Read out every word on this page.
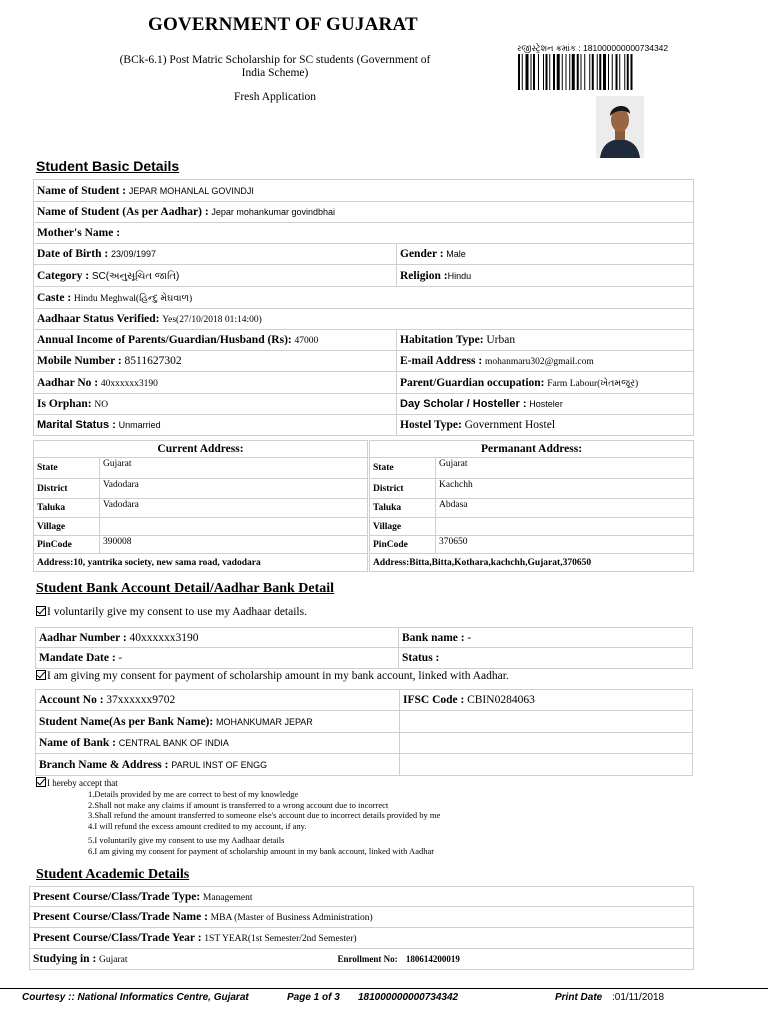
GOVERNMENT OF GUJARAT
(BCk-6.1) Post Matric Scholarship for SC students (Government of
India Scheme)
Fresh Application
રજીસ્ટ્રેશન ક્રમાંક : 181000000000734342
Student Basic Details
Name of Student : JEPAR MOHANLAL GOVINDJI	
Name of Student (As per Aadhar) : Jepar mohankumar govindbhai	
Mother's Name :	
Date of Birth : 23/09/1997	Gender : Male
Category : SC(અનુસૂચિત જાતિ)	Religion :Hindu
Caste : Hindu Meghwal(હિન્દુ મેઘવાળ)	
Aadhaar Status Verified: Yes(27/10/2018 01:14:00)	
Annual Income of Parents/Guardian/Husband (Rs): 47000	Habitation Type: Urban
Mobile Number : 8511627302	E-mail Address : mohanmaru302@gmail.com
Aadhar No : 40xxxxxx3190	Parent/Guardian occupation: Farm Labour(ખેતમજૂર)
Is Orphan: NO	Day Scholar / Hosteller : Hosteler
Marital Status : Unmarried	Hostel Type: Government Hostel
Current Address:	
State	Gujarat
District	Vadodara
Taluka	Vadodara
Village	
PinCode	390008
Address:10, yantrika society, new sama road, vadodara	
Permanant Address:	
State	Gujarat
District	Kachchh
Taluka	Abdasa
Village	
PinCode	370650
Address:Bitta,Bitta,Kothara,kachchh,Gujarat,370650	
Student Bank Account Detail/Aadhar Bank Detail
I voluntarily give my consent to use my Aadhaar details.
Aadhar Number : 40xxxxxx3190	Bank name : -
Mandate Date : -	Status :
I am giving my consent for payment of scholarship amount in my bank account, linked with Aadhar.
Account No : 37xxxxxx9702	IFSC Code : CBIN0284063
Student Name(As per Bank Name): MOHANKUMAR JEPAR	
Name of Bank : CENTRAL BANK OF INDIA	
Branch Name & Address : PARUL INST OF ENGG	
I hereby accept that
1.Details provided by me are correct to best of my knowledge
2.Shall not make any claims if amount is transferred to a wrong account due to incorrect
3.Shall refund the amount transferred to someone else's account due to incorrect details provided by me
4.I will refund the excess amount credited to my account, if any.
5.I voluntarily give my consent to use my Aadhaar details
6.I am giving my consent for payment of scholarship amount in my bank account, linked with Aadhar
Student Academic Details
Present Course/Class/Trade Type: Management
Present Course/Class/Trade Name : MBA (Master of Business Administration)
Present Course/Class/Trade Year : 1ST YEAR(1st Semester/2nd Semester)
Studying in : Gujarat	Enrollment No: 180614200019
Courtesy :: National Informatics Centre, Gujarat	Page 1 of 3 181000000000734342	Print Date :01/11/2018
